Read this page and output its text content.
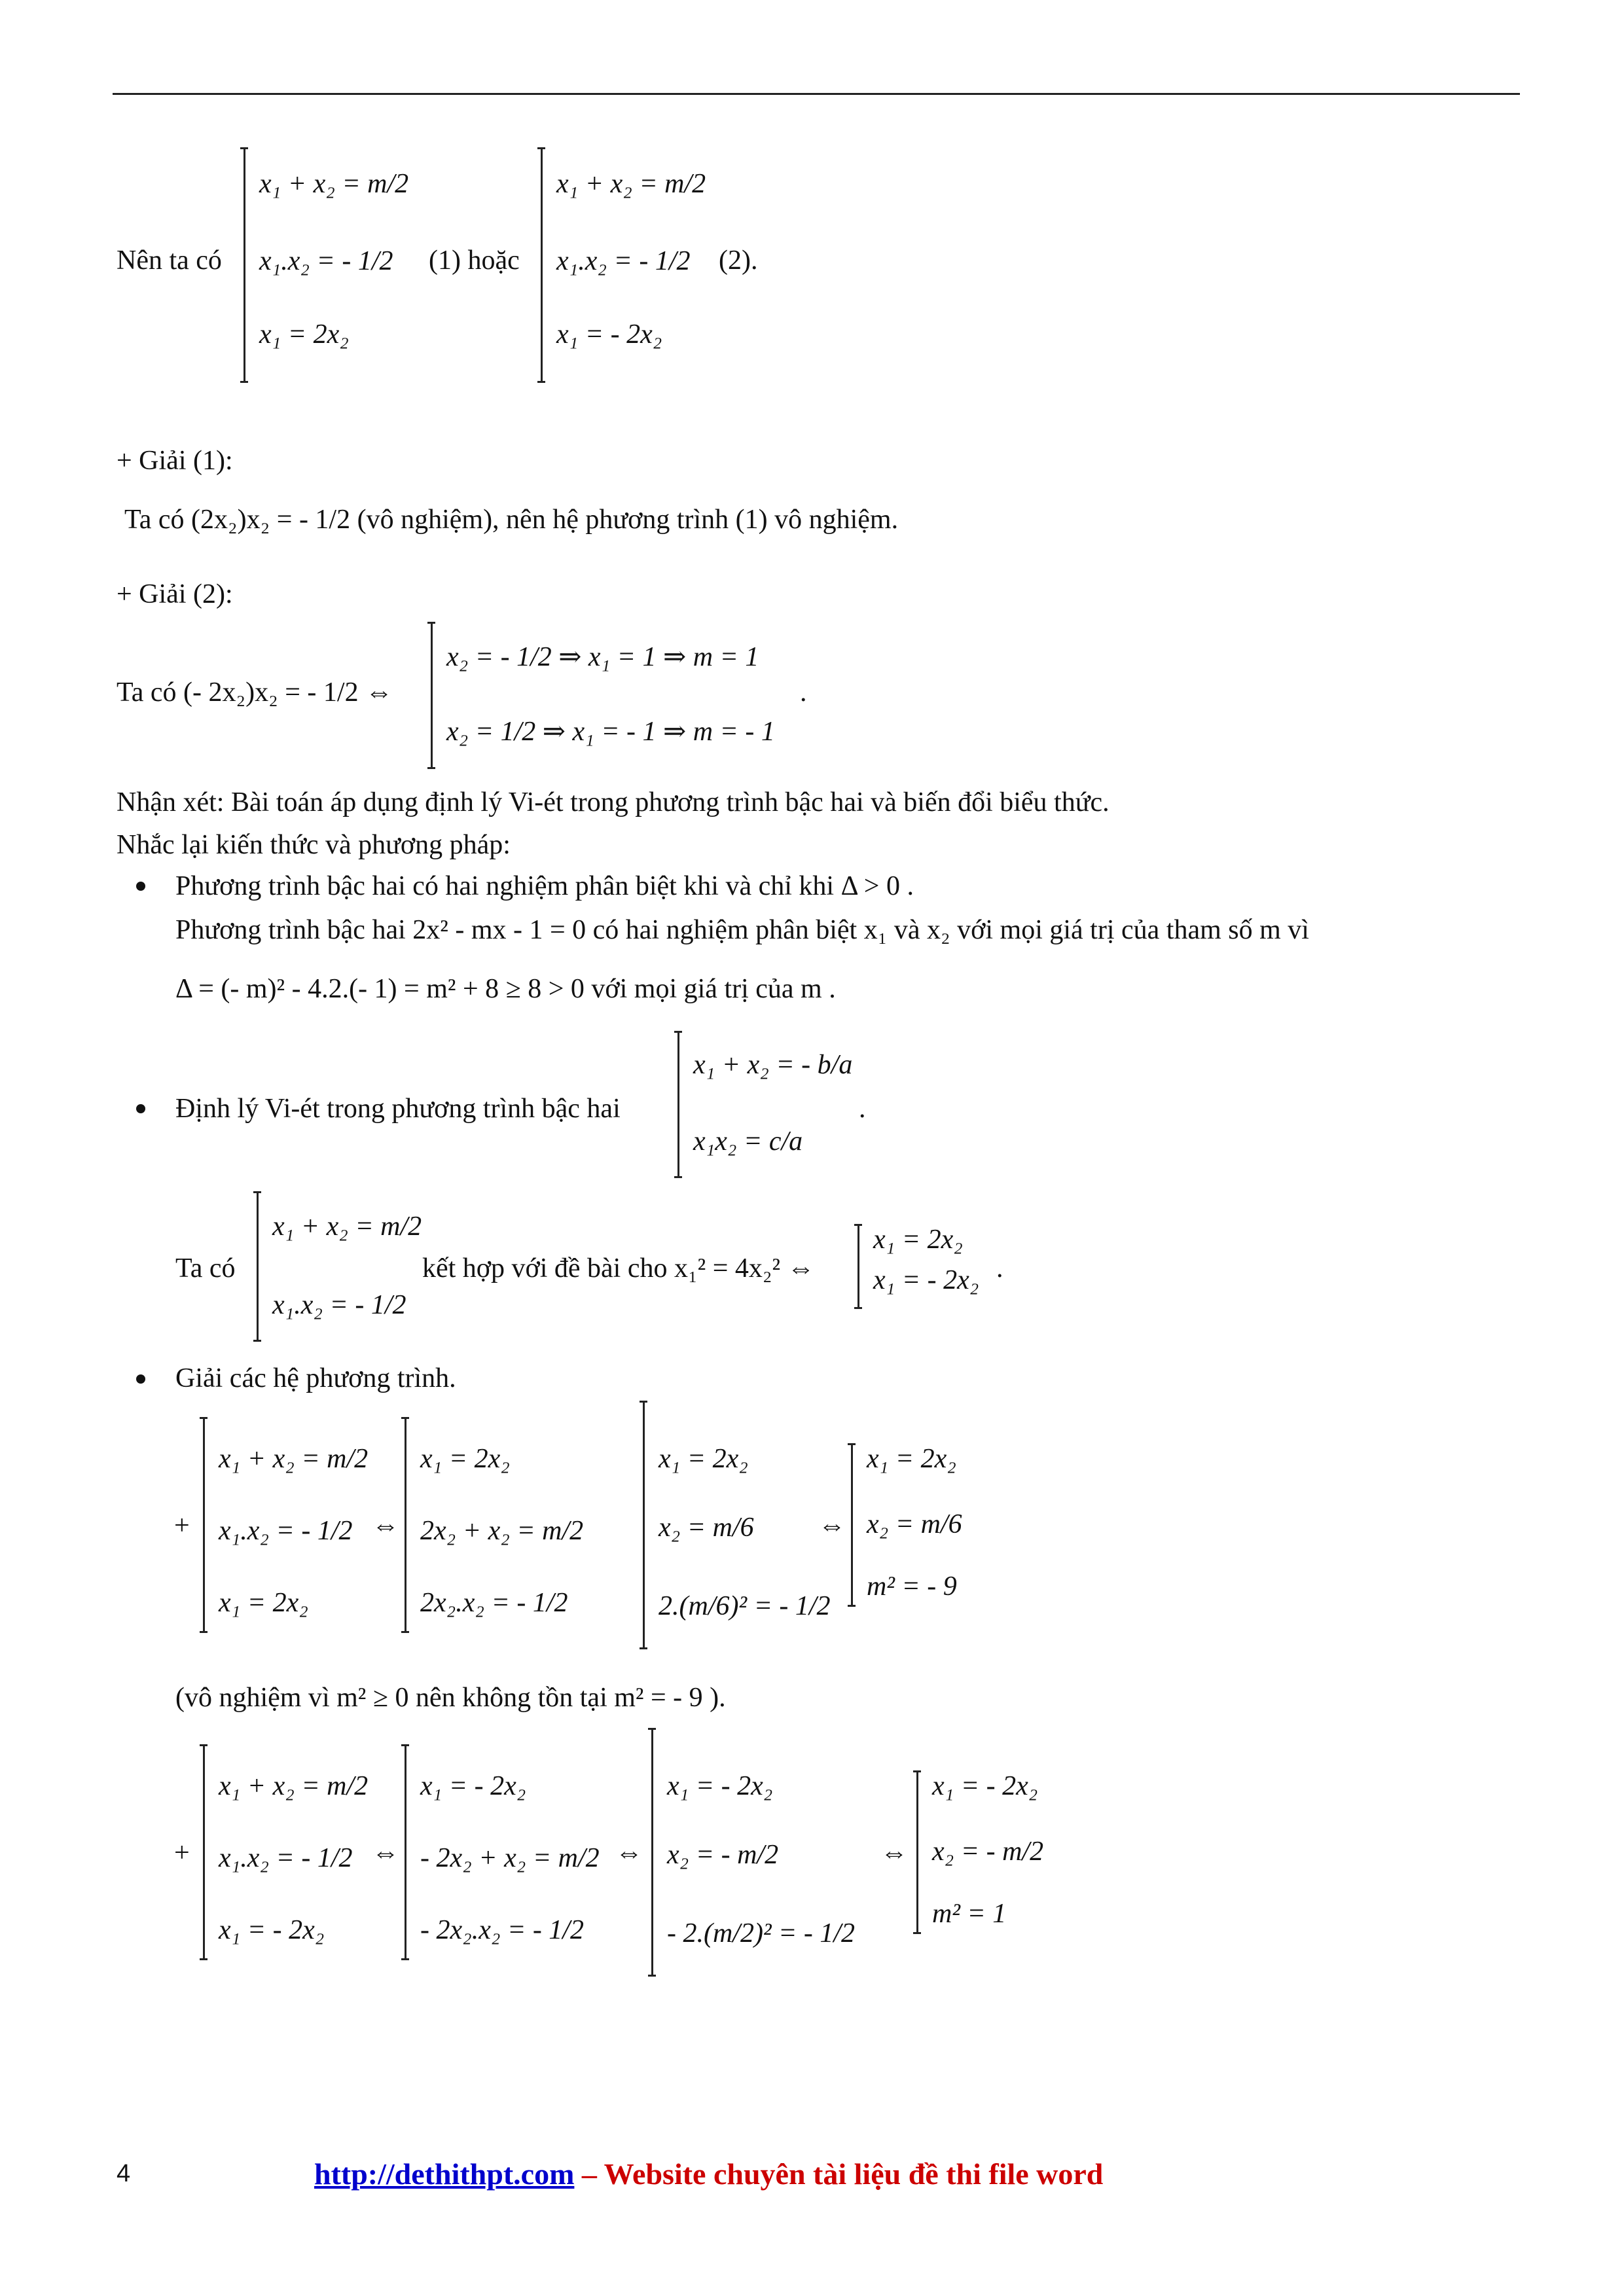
Nên ta có
x₁ + x₂ = m/2
x₁.x₂ = - 1/2
x₁ = 2x₂
(1) hoặc
x₁ + x₂ = m/2
x₁.x₂ = - 1/2
x₁ = - 2x₂
(2).
+ Giải (1):
Ta có (2x₂)x₂ = - 1/2 (vô nghiệm), nên hệ phương trình (1) vô nghiệm.
+ Giải (2):
Ta có (- 2x₂)x₂ = - 1/2 ⇔
x₂ = - 1/2 ⇒ x₁ = 1 ⇒ m = 1
x₂ = 1/2 ⇒ x₁ = - 1 ⇒ m = - 1
.
Nhận xét: Bài toán áp dụng định lý Vi-ét trong phương trình bậc hai và biến đổi biểu thức.
Nhắc lại kiến thức và phương pháp:
Phương trình bậc hai có hai nghiệm phân biệt khi và chỉ khi Δ > 0 .
Phương trình bậc hai 2x² - mx - 1 = 0 có hai nghiệm phân biệt x₁ và x₂ với mọi giá trị của tham số m vì
Δ = (- m)² - 4.2.(- 1) = m² + 8 ≥ 8 > 0 với mọi giá trị của m .
Định lý Vi-ét trong phương trình bậc hai
x₁ + x₂ = - b/a
x₁x₂ = c/a
.
Ta có
x₁ + x₂ = m/2
x₁.x₂ = - 1/2
kết hợp với đề bài cho x₁² = 4x₂² ⇔
x₁ = 2x₂
x₁ = - 2x₂ .
Giải các hệ phương trình.
+
x₁ + x₂ = m/2
x₁.x₂ = - 1/2
x₁ = 2x₂
⇔
x₁ = 2x₂
2x₂ + x₂ = m/2
2x₂.x₂ = - 1/2
x₁ = 2x₂
x₂ = m/6
2.(m/6)² = - 1/2
⇔
x₁ = 2x₂
x₂ = m/6
m² = - 9
(vô nghiệm vì m² ≥ 0 nên không tồn tại m² = - 9 ).
+
x₁ + x₂ = m/2
x₁.x₂ = - 1/2
x₁ = - 2x₂
⇔
x₁ = - 2x₂
- 2x₂ + x₂ = m/2
- 2x₂.x₂ = - 1/2
⇔
x₁ = - 2x₂
x₂ = - m/2
- 2.(m/2)² = - 1/2
⇔
x₁ = - 2x₂
x₂ = - m/2
m² = 1
4	http://dethithpt.com – Website chuyên tài liệu đề thi file word
